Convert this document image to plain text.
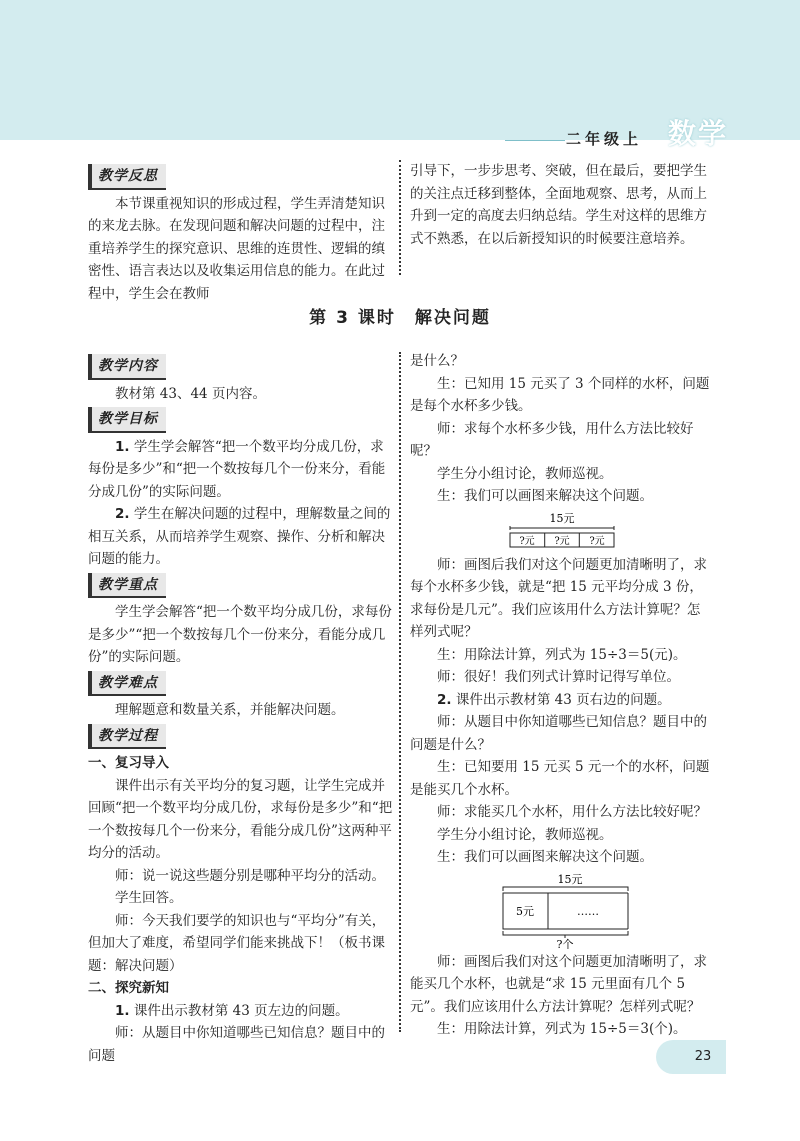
二年级上 数学
教学反思

本节课重视知识的形成过程，学生弄清楚知识的来龙去脉。在发现问题和解决问题的过程中，注重培养学生的探究意识、思维的连贯性、逻辑的缜密性、语言表达以及收集运用信息的能力。在此过程中，学生会在教师

引导下，一步步思考、突破，但在最后，要把学生的关注点迁移到整体，全面地观察、思考，从而上升到一定的高度去归纳总结。学生对这样的思维方式不熟悉，在以后新授知识的时候要注意培养。

第 3 课时　解决问题
教学内容

教材第 43、44 页内容。

教学目标

1. 学生学会解答“把一个数平均分成几份，求每份是多少”和“把一个数按每几个一份来分，看能分成几份”的实际问题。

2. 学生在解决问题的过程中，理解数量之间的相互关系，从而培养学生观察、操作、分析和解决问题的能力。

教学重点

学生学会解答“把一个数平均分成几份，求每份是多少”“把一个数按每几个一份来分，看能分成几份”的实际问题。

教学难点

理解题意和数量关系，并能解决问题。

教学过程

一、复习导入

课件出示有关平均分的复习题，让学生完成并回顾“把一个数平均分成几份，求每份是多少”和“把一个数按每几个一份来分，看能分成几份”这两种平均分的活动。

师：说一说这些题分别是哪种平均分的活动。

学生回答。

师：今天我们要学的知识也与“平均分”有关，但加大了难度，希望同学们能来挑战下！（板书课题：解决问题）

二、探究新知

1. 课件出示教材第 43 页左边的问题。

师：从题目中你知道哪些已知信息？题目中的问题

是什么？

生：已知用 15 元买了 3 个同样的水杯，问题是每个水杯多少钱。

师：求每个水杯多少钱，用什么方法比较好呢？

学生分小组讨论，教师巡视。

生：我们可以画图来解决这个问题。

15元
?元 ?元 ?元

师：画图后我们对这个问题更加清晰明了，求每个水杯多少钱，就是“把 15 元平均分成 3 份，求每份是几元”。我们应该用什么方法计算呢？怎样列式呢？

生：用除法计算，列式为 15÷3＝5(元)。

师：很好！我们列式计算时记得写单位。

2. 课件出示教材第 43 页右边的问题。

师：从题目中你知道哪些已知信息？题目中的问题是什么？

生：已知要用 15 元买 5 元一个的水杯，问题是能买几个水杯。

师：求能买几个水杯，用什么方法比较好呢？

学生分小组讨论，教师巡视。

生：我们可以画图来解决这个问题。

15元
5元	……
?个

师：画图后我们对这个问题更加清晰明了，求能买几个水杯，也就是“求 15 元里面有几个 5 元”。我们应该用什么方法计算呢？怎样列式呢？

生：用除法计算，列式为 15÷5＝3(个)。

23
